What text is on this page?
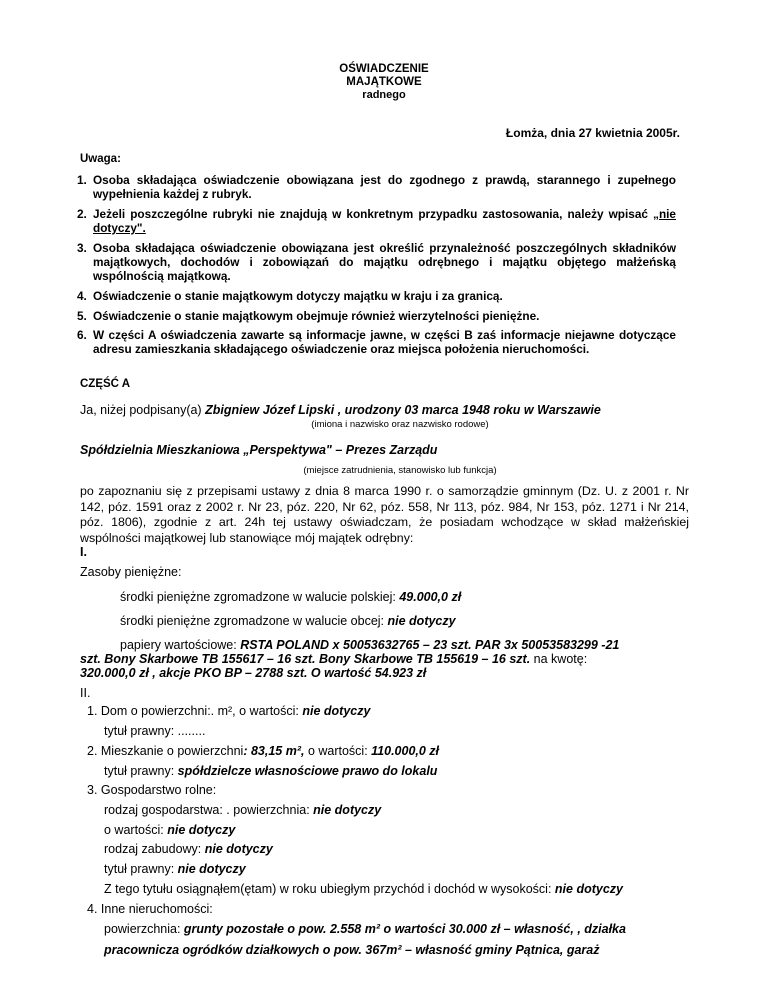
OŚWIADCZENIE
MAJĄTKOWE
radnego
Łomża, dnia 27 kwietnia 2005r.
Uwaga:
1. Osoba składająca oświadczenie obowiązana jest do zgodnego z prawdą, starannego i zupełnego wypełnienia każdej z rubryk.
2. Jeżeli poszczególne rubryki nie znajdują w konkretnym przypadku zastosowania, należy wpisać „nie dotyczy".
3. Osoba składająca oświadczenie obowiązana jest określić przynależność poszczególnych składników majątkowych, dochodów i zobowiązań do majątku odrębnego i majątku objętego małżeńską wspólnością majątkową.
4. Oświadczenie o stanie majątkowym dotyczy majątku w kraju i za granicą.
5. Oświadczenie o stanie majątkowym obejmuje również wierzytelności pieniężne.
6. W części A oświadczenia zawarte są informacje jawne, w części B zaś informacje niejawne dotyczące adresu zamieszkania składającego oświadczenie oraz miejsca położenia nieruchomości.
CZĘŚĆ A
Ja, niżej podpisany(a) Zbigniew Józef Lipski , urodzony 03 marca 1948 roku w Warszawie
(imiona i nazwisko oraz nazwisko rodowe)
Spółdzielnia Mieszkaniowa „Perspektywa" – Prezes Zarządu
(miejsce zatrudnienia, stanowisko lub funkcja)
po zapoznaniu się z przepisami ustawy z dnia 8 marca 1990 r. o samorządzie gminnym (Dz. U. z 2001 r. Nr 142, póz. 1591 oraz z 2002 r. Nr 23, póz. 220, Nr 62, póz. 558, Nr 113, póz. 984, Nr 153, póz. 1271 i Nr 214, póz. 1806), zgodnie z art. 24h tej ustawy oświadczam, że posiadam wchodzące w skład małżeńskiej wspólności majątkowej lub stanowiące mój majątek odrębny:
I.
Zasoby pieniężne:
środki pieniężne zgromadzone w walucie polskiej: 49.000,0 zł
środki pieniężne zgromadzone w walucie obcej: nie dotyczy
papiery wartościowe: RSTA POLAND x 50053632765 – 23 szt. PAR 3x 50053583299 -21
szt. Bony Skarbowe TB 155617 – 16 szt. Bony Skarbowe TB 155619 – 16 szt. na kwotę:
320.000,0 zł , akcje PKO BP – 2788 szt. O wartość 54.923 zł
II.
1. Dom o powierzchni:. m², o wartości: nie dotyczy
tytuł prawny: ........
2. Mieszkanie o powierzchni: 83,15 m², o wartości: 110.000,0 zł
tytuł prawny: spółdzielcze własnościowe prawo do lokalu
3. Gospodarstwo rolne:
rodzaj gospodarstwa: . powierzchnia: nie dotyczy
o wartości: nie dotyczy
rodzaj zabudowy: nie dotyczy
tytuł prawny: nie dotyczy
Z tego tytułu osiągnąłem(ętam) w roku ubiegłym przychód i dochód w wysokości: nie dotyczy
4. Inne nieruchomości:
powierzchnia: grunty pozostałe o pow. 2.558 m² o wartości 30.000 zł – własność, , działka
pracownicza ogródków działkowych o pow. 367m² – własność gminy Pątnica, garaż
